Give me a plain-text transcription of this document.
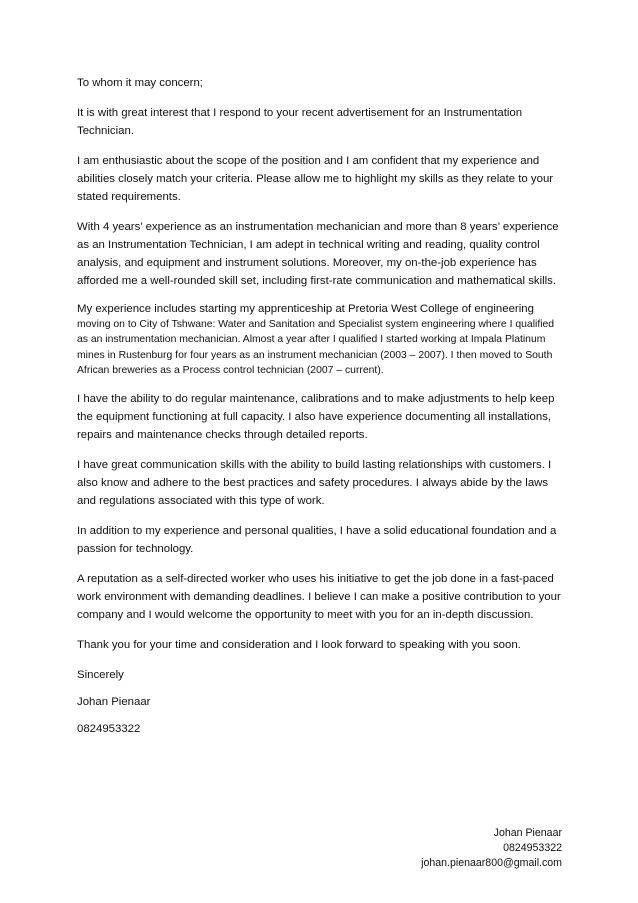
To whom it may concern;

It is with great interest that I respond to your recent advertisement for an Instrumentation Technician.

I am enthusiastic about the scope of the position and I am confident that my experience and abilities closely match your criteria. Please allow me to highlight my skills as they relate to your stated requirements.

With 4 years’ experience as an instrumentation mechanician and more than 8 years’ experience as an Instrumentation Technician, I am adept in technical writing and reading, quality control analysis, and equipment and instrument solutions. Moreover, my on-the-job experience has afforded me a well-rounded skill set, including first-rate communication and mathematical skills.

My experience includes starting my apprenticeship at Pretoria West College of engineering moving on to City of Tshwane: Water and Sanitation and Specialist system engineering where I qualified as an instrumentation mechanician. Almost a year after I qualified I started working at Impala Platinum mines in Rustenburg for four years as an instrument mechanician (2003 – 2007). I then moved to South African breweries as a Process control technician (2007 – current).

I have the ability to do regular maintenance, calibrations and to make adjustments to help keep the equipment functioning at full capacity. I also have experience documenting all installations, repairs and maintenance checks through detailed reports.

I have great communication skills with the ability to build lasting relationships with customers. I also know and adhere to the best practices and safety procedures. I always abide by the laws and regulations associated with this type of work.

In addition to my experience and personal qualities, I have a solid educational foundation and a passion for technology.

A reputation as a self-directed worker who uses his initiative to get the job done in a fast-paced work environment with demanding deadlines. I believe I can make a positive contribution to your company and I would welcome the opportunity to meet with you for an in-depth discussion.

Thank you for your time and consideration and I look forward to speaking with you soon.

Sincerely

Johan Pienaar

0824953322

Johan Pienaar
0824953322
johan.pienaar800@gmail.com
